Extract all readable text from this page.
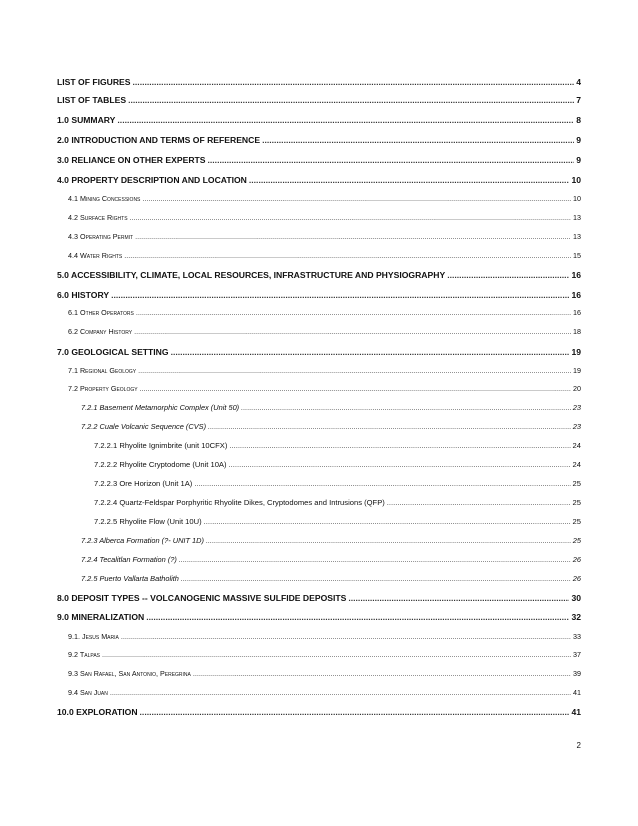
LIST OF FIGURES .....	4
LIST OF TABLES .....	7
1.0 SUMMARY .....	8
2.0 INTRODUCTION AND TERMS OF REFERENCE .....	9
3.0 RELIANCE ON OTHER EXPERTS .....	9
4.0 PROPERTY DESCRIPTION AND LOCATION .....	10
4.1 Mining Concessions .....	10
4.2 Surface Rights .....	13
4.3 Operating Permit .....	13
4.4 Water Rights .....	15
5.0 ACCESSIBILITY, CLIMATE, LOCAL RESOURCES, INFRASTRUCTURE AND PHYSIOGRAPHY .....	16
6.0 HISTORY .....	16
6.1 Other Operators .....	16
6.2 Company History .....	18
7.0 GEOLOGICAL SETTING .....	19
7.1 Regional Geology .....	19
7.2 Property Geology .....	20
7.2.1 Basement Metamorphic Complex (Unit 50) .....	23
7.2.2 Cuale Volcanic Sequence (CVS) .....	23
7.2.2.1 Rhyolite Ignimbrite (unit 10CFX) .....	24
7.2.2.2 Rhyolite Cryptodome (Unit 10A) .....	24
7.2.2.3 Ore Horizon (Unit 1A) .....	25
7.2.2.4 Quartz-Feldspar Porphyritic Rhyolite Dikes, Cryptodomes and Intrusions (QFP) .....	25
7.2.2.5 Rhyolite Flow (Unit 10U) .....	25
7.2.3 Alberca Formation (?- UNIT 1D) .....	25
7.2.4 Tecalitlan Formation (?) .....	26
7.2.5 Puerto Vallarta Batholith .....	26
8.0 DEPOSIT TYPES -- VOLCANOGENIC MASSIVE SULFIDE DEPOSITS .....	30
9.0 MINERALIZATION .....	32
9.1. Jesus Maria .....	33
9.2 Talpas .....	37
9.3 San Rafael, San Antonio, Peregrina .....	39
9.4 San Juan .....	41
10.0 EXPLORATION .....	41
2
